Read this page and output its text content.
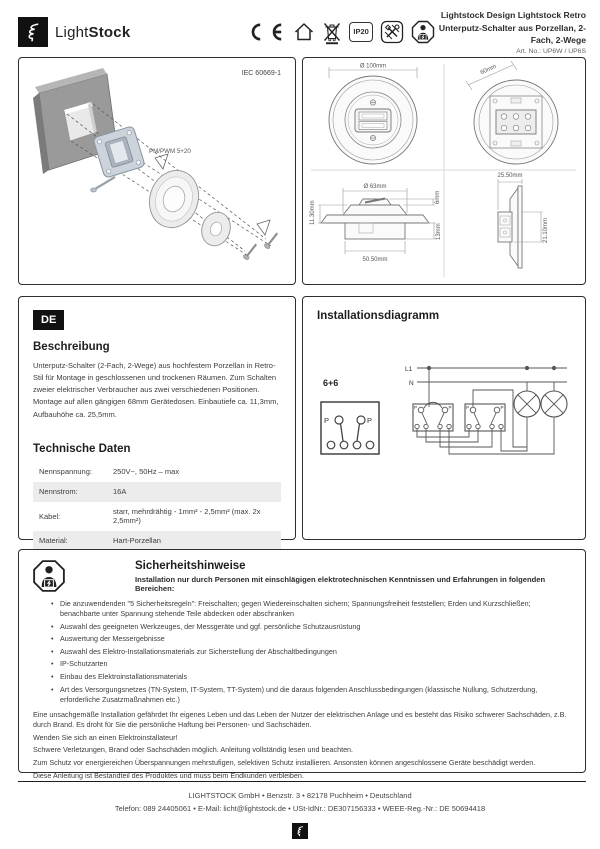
LightStock	IP20
Lightstock Design Lightstock Retro
Unterputz-Schalter aus Porzellan, 2-Fach, 2-Wege
Art. No.: UP6W / UP6S
IEC 60669-1
PM/PWM 5+20
Ø 100mm	60mm
Ø 63mm
6mm
11.30mm
13mm
50.50mm
25.50mm
21.10mm
DE
Beschreibung
Unterputz-Schalter (2-Fach, 2-Wege) aus hochfestem Porzellan in Retro-Stil für Montage in geschlossenen und trockenen Räumen. Zum Schalten zweier elektrischer Verbraucher aus zwei verschiedenen Positionen. Montage auf allen gängigen 68mm Gerätedosen. Einbautiefe ca. 11,3mm, Aufbauhöhe ca. 25,5mm.
Technische Daten
Nennspannung:	250V~, 50Hz – max
Nennstrom:	16A
Kabel:	starr, mehrdrähtig - 1mm² - 2,5mm² (max. 2x 2,5mm²)
Material:	Hart-Porzellan
Installationsdiagramm
6+6
P	P
L1
N
P	P	P	P
Sicherheitshinweise
Installation nur durch Personen mit einschlägigen elektrotechnischen Kenntnissen und Erfahrungen in folgenden Bereichen:
• Die anzuwendenden "5 Sicherheitsregeln": Freischalten; gegen Wiedereinschalten sichern; Spannungsfreiheit feststellen; Erden und Kurzschließen; benachbarte unter Spannung stehende Teile abdecken oder abschranken
• Auswahl des geeigneten Werkzeuges, der Messgeräte und ggf. persönliche Schutzausrüstung
• Auswertung der Messergebnisse
• Auswahl des Elektro-Installationsmaterials zur Sicherstellung der Abschaltbedingungen
• IP-Schutzarten
• Einbau des Elektroinstallationsmaterials
• Art des Versorgungsnetzes (TN-System, IT-System, TT-System) und die daraus folgenden Anschlussbedingungen (klassische Nullung, Schutzerdung, erforderliche Zusatzmaßnahmen etc.)

Eine unsachgemäße Installation gefährdet Ihr eigenes Leben und das Leben der Nutzer der elektrischen Anlage und es besteht das Risiko schwerer Sachschäden, z.B. durch Brand. Es droht für Sie die persönliche Haftung bei Personen- und Sachschäden.

Wenden Sie sich an einen Elektroinstallateur!

Schwere Verletzungen, Brand oder Sachschäden möglich. Anleitung vollständig lesen und beachten.

Zum Schutz vor energiereichen Überspannungen mehrstufigen, selektiven Schutz installieren. Ansonsten können angeschlossene Geräte beschädigt werden.

Diese Anleitung ist Bestandteil des Produktes und muss beim Endkunden verbleiben.

LIGHTSTOCK GmbH • Benzstr. 3 • 82178 Puchheim • Deutschland
Telefon: 089 24405061 • E-Mail: licht@lightstock.de • USt-IdNr.: DE307156333 • WEEE-Reg.-Nr.: DE 50694418
